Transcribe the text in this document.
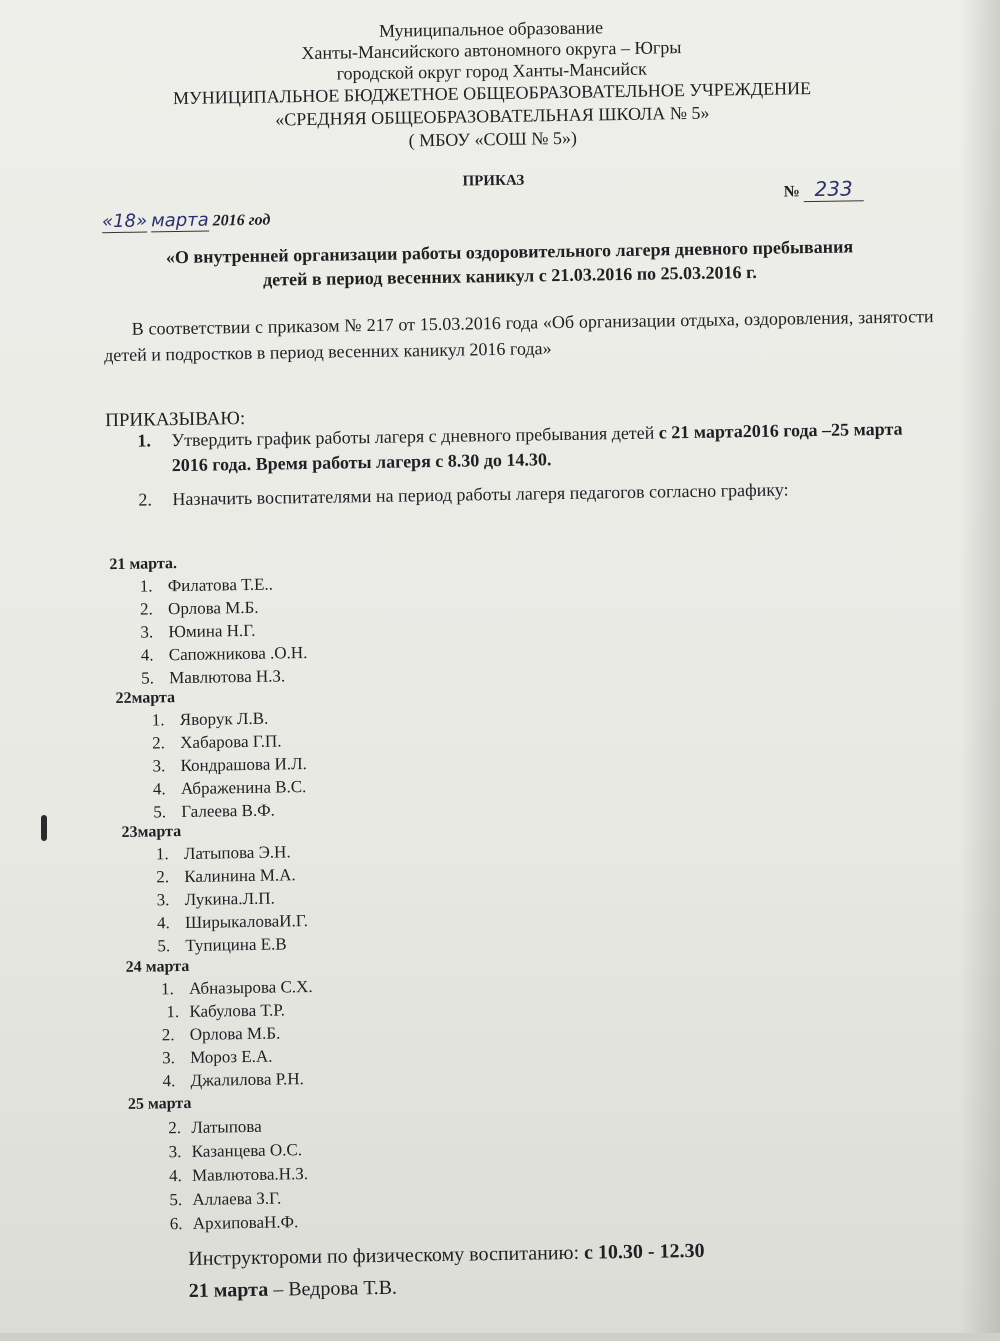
Муниципальное образование
Ханты-Мансийского автономного округа – Югры
городской округ город Ханты-Мансийск
МУНИЦИПАЛЬНОЕ БЮДЖЕТНОЕ ОБЩЕОБРАЗОВАТЕЛЬНОЕ УЧРЕЖДЕНИЕ
«СРЕДНЯЯ ОБЩЕОБРАЗОВАТЕЛЬНАЯ ШКОЛА № 5»
( МБОУ «СОШ № 5»)
ПРИКАЗ
№ 233
«18» марта 2016 год
«О внутренней организации работы оздоровительного лагеря дневного пребывания
детей в период весенних каникул с 21.03.2016 по 25.03.2016 г.
В соответствии с приказом № 217 от 15.03.2016 года «Об организации отдыха, оздоровления, занятости детей и подростков в период весенних каникул 2016 года»
ПРИКАЗЫВАЮ:
1. Утвердить график работы лагеря с дневного пребывания детей с 21 марта2016 года –25 марта 2016 года. Время работы лагеря с 8.30 до 14.30.
2. Назначить воспитателями на период работы лагеря педагогов согласно графику:
21 марта.
1. Филатова Т.Е..
2. Орлова М.Б.
3. Юмина Н.Г.
4. Сапожникова .О.Н.
5. Мавлютова Н.З.
22марта
1. Яворук Л.В.
2. Хабарова Г.П.
3. Кондрашова И.Л.
4. Абраженина В.С.
5. Галеева В.Ф.
23марта
1. Латыпова Э.Н.
2. Калинина М.А.
3. Лукина.Л.П.
4. ШирыкаловаИ.Г.
5. Тупицина Е.В
24 марта
1. Абназырова С.Х.
1. Кабулова Т.Р.
2. Орлова М.Б.
3. Мороз Е.А.
4. Джалилова Р.Н.
25 марта
2. Латыпова
3. Казанцева О.С.
4. Мавлютова.Н.З.
5. Аллаева З.Г.
6. АрхиповаН.Ф.
Инструктороми по физическому воспитанию: с 10.30 - 12.30
21 марта – Ведрова Т.В.
